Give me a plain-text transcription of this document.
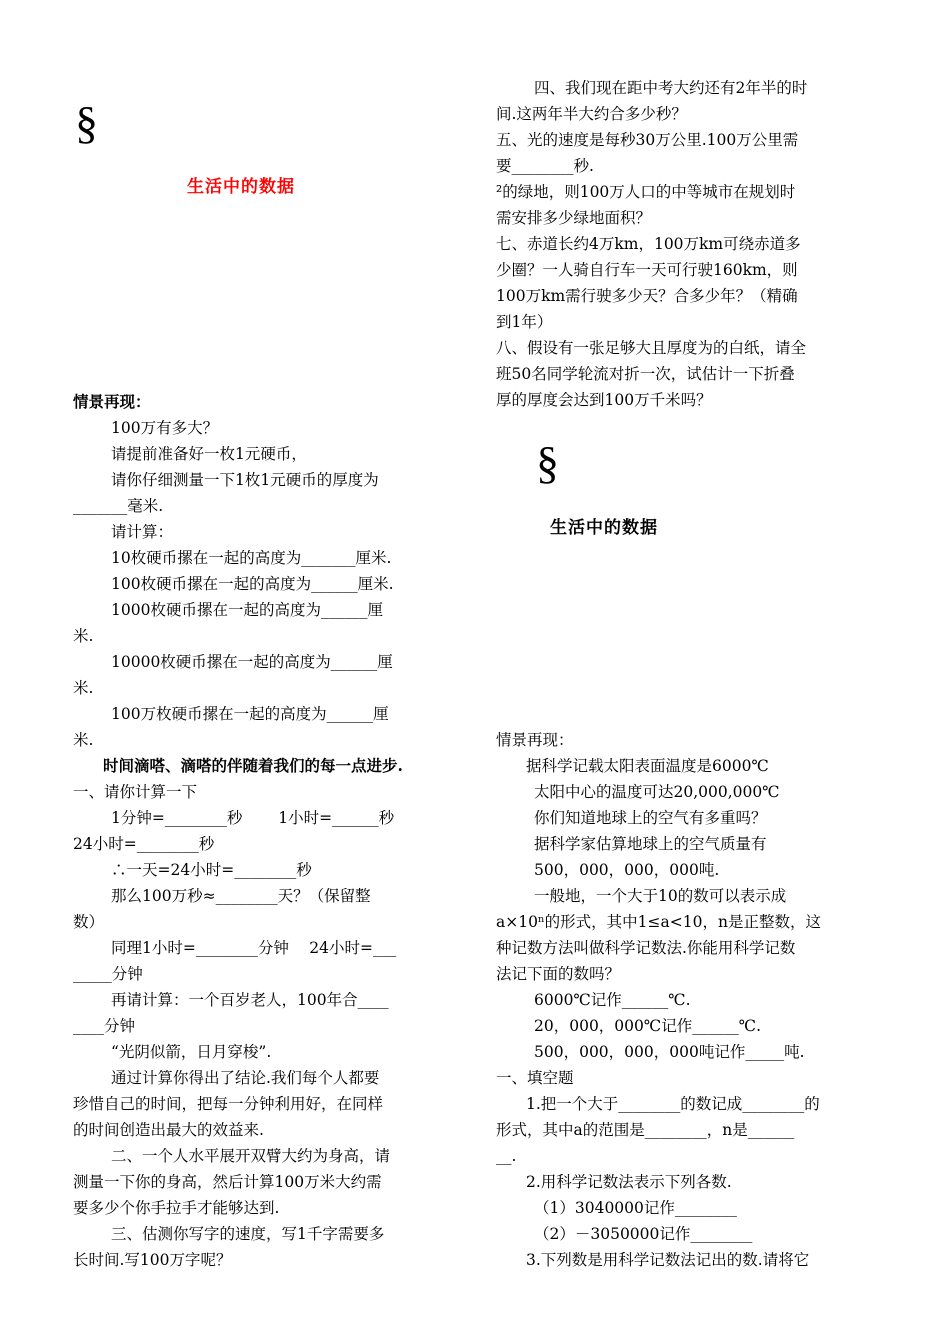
§
生活中的数据
情景再现：
100万有多大？
请提前准备好一枚1元硬币，
请你仔细测量一下1枚1元硬币的厚度为
_______毫米.
请计算：
10枚硬币摞在一起的高度为_______厘米.
100枚硬币摞在一起的高度为______厘米.
1000枚硬币摞在一起的高度为______厘
米.
10000枚硬币摞在一起的高度为______厘
米.
100万枚硬币摞在一起的高度为______厘
米.
时间滴嗒、滴嗒的伴随着我们的每一点进步.
一、请你计算一下
1分钟=________秒　　 1小时=______秒
24小时=________秒
∴一天=24小时=________秒
那么100万秒≈________天？（保留整
数）
同理1小时=________分钟　 24小时=___
_____分钟
再请计算：一个百岁老人，100年合____
____分钟
“光阴似箭，日月穿梭”.
通过计算你得出了结论.我们每个人都要
珍惜自己的时间，把每一分钟利用好，在同样
的时间创造出最大的效益来.
二、一个人水平展开双臂大约为身高，请
测量一下你的身高，然后计算100万米大约需
要多少个你手拉手才能够达到.
三、估测你写字的速度，写1千字需要多
长时间.写100万字呢？
§
生活中的数据
四、我们现在距中考大约还有2年半的时
间.这两年半大约合多少秒？
五、光的速度是每秒30万公里.100万公里需
要________秒.
²的绿地，则100万人口的中等城市在规划时
需安排多少绿地面积？
七、赤道长约4万km，100万km可绕赤道多
少圈？一人骑自行车一天可行驶160km，则
100万km需行驶多少天？合多少年？（精确
到1年）
八、假设有一张足够大且厚度为的白纸，请全
班50名同学轮流对折一次，试估计一下折叠
厚的厚度会达到100万千米吗？
情景再现：
据科学记载太阳表面温度是6000℃
太阳中心的温度可达20,000,000℃
你们知道地球上的空气有多重吗？
据科学家估算地球上的空气质量有
500，000，000，000吨.
一般地，一个大于10的数可以表示成
a×10ⁿ的形式，其中1≤a<10，n是正整数，这
种记数方法叫做科学记数法.你能用科学记数
法记下面的数吗？
6000℃记作______℃.
20，000，000℃记作______℃.
500，000，000，000吨记作_____吨.
一、填空题
1.把一个大于________的数记成________的
形式，其中a的范围是________，n是______
__.
2.用科学记数法表示下列各数.
（1）3040000记作________
（2）－3050000记作________
3.下列数是用科学记数法记出的数.请将它
